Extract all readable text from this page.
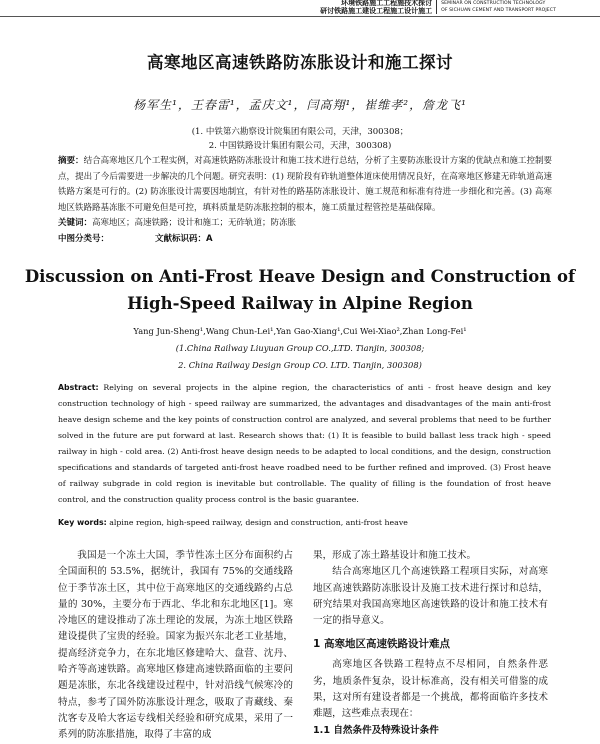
环境铁路施工工程施技术探讨
研讨铁路施工建设工程施工设计施工
SEMINAR ON CONSTRUCTION TECHNOLOGY
OF SICHUAN CEMENT AND TRANSPORT PROJECT
高寒地区高速铁路防冻胀设计和施工探讨
杨军生¹，王春雷¹，孟庆文¹，闫高翔¹，崔维孝²，詹龙飞¹
(1. 中铁第六勘察设计院集团有限公司，天津，300308；
2. 中国铁路设计集团有限公司，天津，300308)
摘要：结合高寒地区几个工程实例，对高速铁路防冻胀设计和施工技术进行总结，分析了主要防冻胀设计方案的优缺点和施工控制要点，提出了今后需要进一步解决的几个问题。研究表明：(1) 现阶段有砟轨道整体道床使用情况良好，在高寒地区修建无砟轨道高速铁路方案是可行的。(2) 防冻胀设计需要因地制宜，有针对性的路基防冻胀设计、施工规范和标准有待进一步细化和完善。(3) 高寒地区铁路路基冻胀不可避免但是可控，填料质量是防冻胀控制的根本，施工质量过程管控是基础保障。
关键词：高寒地区；高速铁路；设计和施工；无砟轨道；防冻胀
中图分类号：	文献标识码：A
Discussion on Anti-Frost Heave Design and Construction of
High-Speed Railway in Alpine Region
Yang Jun-Sheng¹,Wang Chun-Lei¹,Yan Gao-Xiang¹,Cui Wei-Xiao²,Zhan Long-Fei¹
(1.China Railway Liuyuan Group CO.,LTD. Tianjin, 300308;
2. China Railway Design Group CO. LTD. Tianjin, 300308)
Abstract: Relying on several projects in the alpine region, the characteristics of anti - frost heave design and key construction technology of high - speed railway are summarized, the advantages and disadvantages of the main anti-frost heave design scheme and the key points of construction control are analyzed, and several problems that need to be further solved in the future are put forward at last. Research shows that: (1) It is feasible to build ballast less track high - speed railway in high - cold area. (2) Anti-frost heave design needs to be adapted to local conditions, and the design, construction specifications and standards of targeted anti-frost heave roadbed need to be further refined and improved. (3) Frost heave of railway subgrade in cold region is inevitable but controllable. The quality of filling is the foundation of frost heave control, and the construction quality process control is the basic guarantee.
Key words: alpine region, high-speed railway, design and construction, anti-frost heave

我国是一个冻土大国，季节性冻土区分布面积约占全国面积的 53.5%，据统计，我国有 75%的交通线路位于季节冻土区，其中位于高寒地区的交通线路约占总量的 30%，主要分布于西北、华北和东北地区[1]。寒冷地区的建设推动了冻土理论的发展，为冻土地区铁路建设提供了宝贵的经验。国家为振兴东北老工业基地，提高经济竞争力，在东北地区修建哈大、盘营、沈丹、哈齐等高速铁路。高寒地区修建高速铁路面临的主要问题是冻胀，东北各线建设过程中，针对沿线气候寒冷的特点，参考了国外防冻胀设计理念，吸取了青藏线、秦沈客专及哈大客运专线相关经验和研究成果，采用了一系列的防冻胀措施，取得了丰富的成

果，形成了冻土路基设计和施工技术。

结合高寒地区几个高速铁路工程项目实际，对高寒地区高速铁路防冻胀设计及施工技术进行探讨和总结，研究结果对我国高寒地区高速铁路的设计和施工技术有一定的指导意义。

1 高寒地区高速铁路设计难点

高寒地区各铁路工程特点不尽相同，自然条件恶劣，地质条件复杂，设计标准高，没有相关可借鉴的成果，这对所有建设者都是一个挑战，都将面临许多技术难题，这些难点表现在：

1.1 自然条件及特殊设计条件
